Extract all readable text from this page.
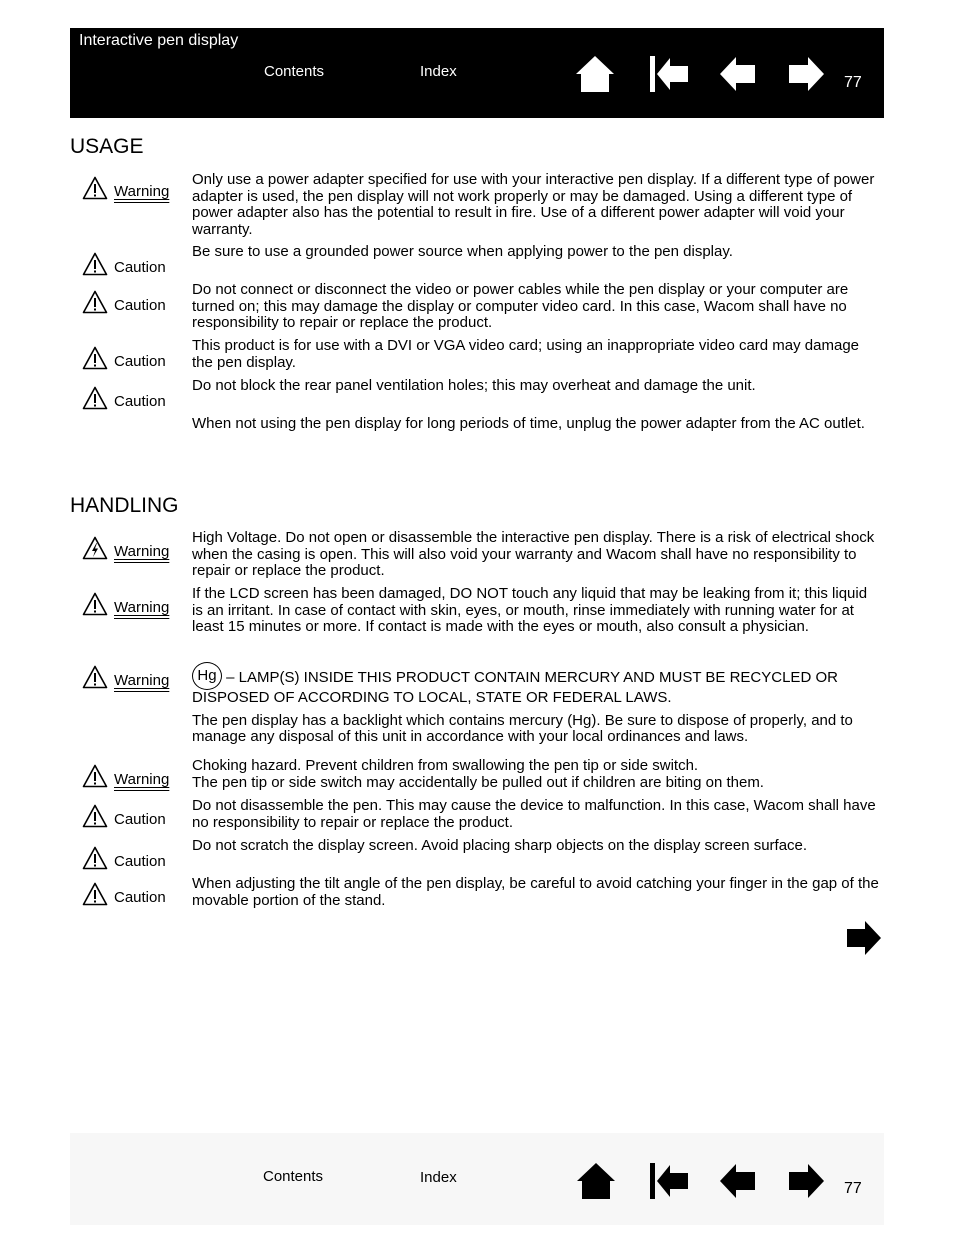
Interactive pen display
Contents	Index
77
USAGE
Warning
Only use a power adapter specified for use with your interactive pen display. If a different type of power adapter is used, the pen display will not work properly or may be damaged. Using a different type of power adapter also has the potential to result in fire. Use of a different power adapter will void your warranty.
Caution
Be sure to use a grounded power source when applying power to the pen display.
Caution
Do not connect or disconnect the video or power cables while the pen display or your computer are turned on; this may damage the display or computer video card. In this case, Wacom shall have no responsibility to repair or replace the product.
Caution
This product is for use with a DVI or VGA video card; using an inappropriate video card may damage the pen display.
Caution
Do not block the rear panel ventilation holes; this may overheat and damage the unit.
When not using the pen display for long periods of time, unplug the power adapter from the AC outlet.
HANDLING
Warning
High Voltage. Do not open or disassemble the interactive pen display. There is a risk of electrical shock when the casing is open. This will also void your warranty and Wacom shall have no responsibility to repair or replace the product.
Warning
If the LCD screen has been damaged, DO NOT touch any liquid that may be leaking from it; this liquid is an irritant. In case of contact with skin, eyes, or mouth, rinse immediately with running water for at least 15 minutes or more. If contact is made with the eyes or mouth, also consult a physician.
Warning	Hg – LAMP(S) INSIDE THIS PRODUCT CONTAIN MERCURY AND MUST BE RECYCLED OR DISPOSED OF ACCORDING TO LOCAL, STATE OR FEDERAL LAWS.

The pen display has a backlight which contains mercury (Hg). Be sure to dispose of properly, and to manage any disposal of this unit in accordance with your local ordinances and laws.

Warning

Choking hazard. Prevent children from swallowing the pen tip or side switch.

The pen tip or side switch may accidentally be pulled out if children are biting on them.

Caution
Do not disassemble the pen. This may cause the device to malfunction. In this case, Wacom shall have no responsibility to repair or replace the product.
Caution
Do not scratch the display screen. Avoid placing sharp objects on the display screen surface.
Caution
When adjusting the tilt angle of the pen display, be careful to avoid catching your finger in the gap of the movable portion of the stand.
Contents	Index
77
